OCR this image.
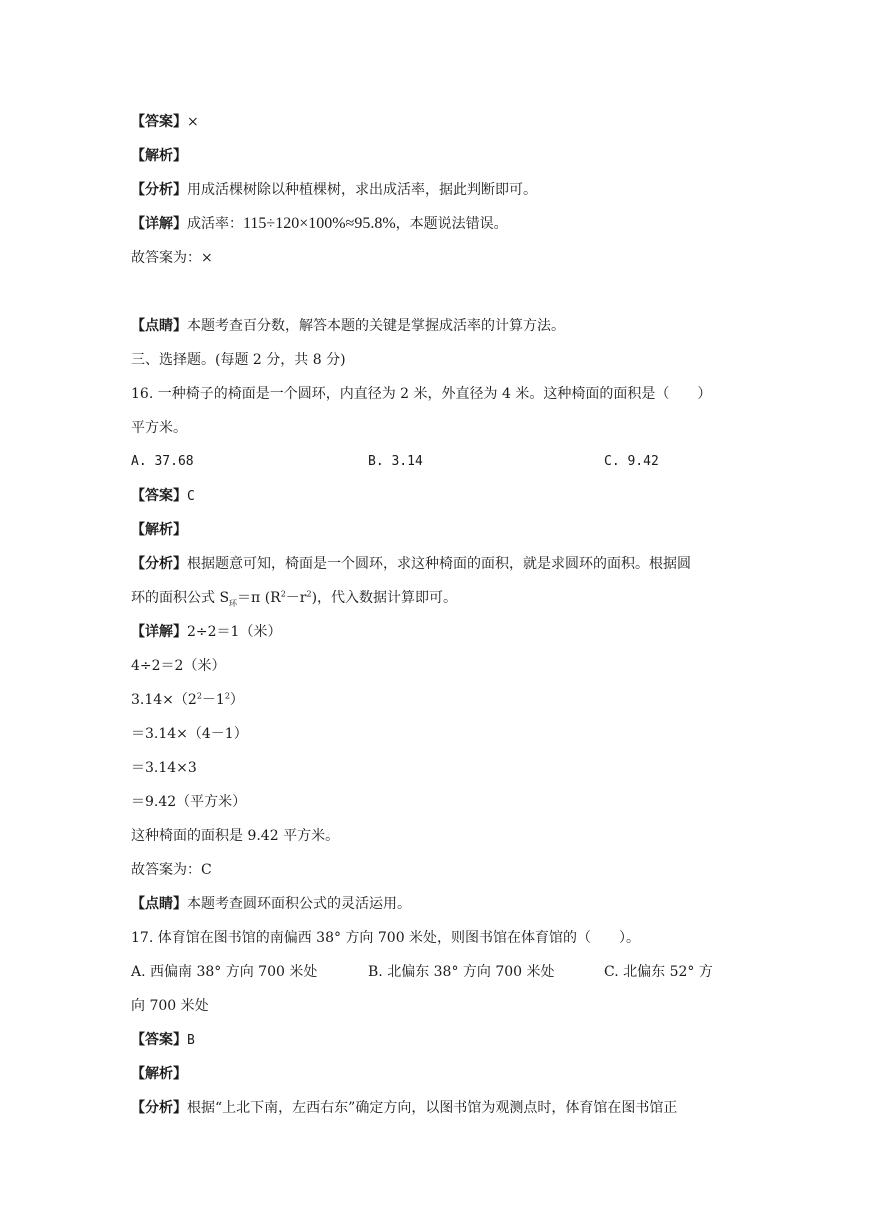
【答案】×
【解析】
【分析】用成活棵树除以种植棵树，求出成活率，据此判断即可。
【详解】成活率：115÷120×100%≈95.8%，本题说法错误。
故答案为：×
【点睛】本题考查百分数，解答本题的关键是掌握成活率的计算方法。
三、选择题。(每题 2 分，共 8 分)
16. 一种椅子的椅面是一个圆环，内直径为 2 米，外直径为 4 米。这种椅面的面积是（　　）
平方米。
A. 37.68	B. 3.14	C. 9.42
【答案】C
【解析】
【分析】根据题意可知，椅面是一个圆环，求这种椅面的面积，就是求圆环的面积。根据圆
环的面积公式 $S_环=\pi$ $(R^2-r^2)$，代入数据计算即可。
【详解】2÷2＝1（米）
4÷2＝2（米）
$3.14\times(2^2-1^2)$
＝3.14×（4－1）
＝3.14×3
＝9.42（平方米）
这种椅面的面积是 9.42 平方米。
故答案为：C
【点睛】本题考查圆环面积公式的灵活运用。
17. 体育馆在图书馆的南偏西 38° 方向 700 米处，则图书馆在体育馆的（　　）。
A. 西偏南 38° 方向 700 米处	B. 北偏东 38° 方向 700 米处	C. 北偏东 52° 方
向 700 米处
【答案】B
【解析】
【分析】根据“上北下南，左西右东”确定方向，以图书馆为观测点时，体育馆在图书馆正
